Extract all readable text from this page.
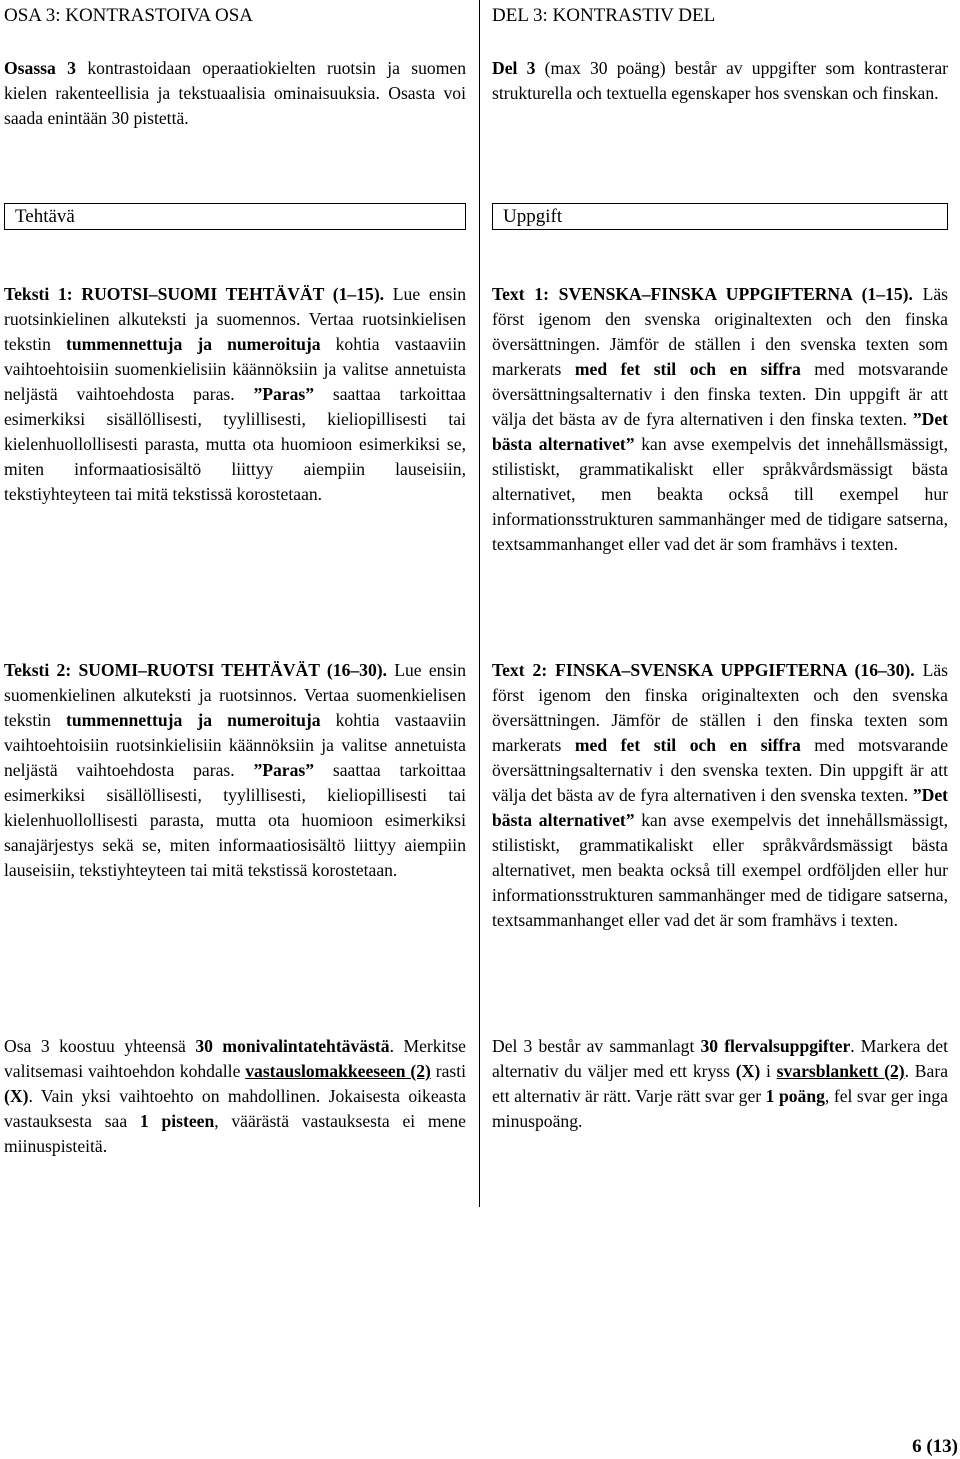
OSA 3: KONTRASTOIVA OSA

Osassa 3 kontrastoidaan operaatiokielten ruotsin ja suomen kielen rakenteellisia ja tekstuaalisia ominaisuuksia. Osasta voi saada enintään 30 pistettä.

Tehtävä

Teksti 1: RUOTSI–SUOMI TEHTÄVÄT (1–15). Lue ensin ruotsinkielinen alkuteksti ja suomennos. Vertaa ruotsinkielisen tekstin tummennettuja ja numeroituja kohtia vastaaviin vaihtoehtoisiin suomenkielisiin käännöksiin ja valitse annetuista neljästä vaihtoehdosta paras. ”Paras” saattaa tarkoittaa esimerkiksi sisällöllisesti, tyylillisesti, kieliopillisesti tai kielenhuollollisesti parasta, mutta ota huomioon esimerkiksi se, miten informaatiosisältö liittyy aiempiin lauseisiin, tekstiyhteyteen tai mitä tekstissä korostetaan.

Teksti 2: SUOMI–RUOTSI TEHTÄVÄT (16–30). Lue ensin suomenkielinen alkuteksti ja ruotsinnos. Vertaa suomenkielisen tekstin tummennettuja ja numeroituja kohtia vastaaviin vaihtoehtoisiin ruotsinkielisiin käännöksiin ja valitse annetuista neljästä vaihtoehdosta paras. ”Paras” saattaa tarkoittaa esimerkiksi sisällöllisesti, tyylillisesti, kieliopillisesti tai kielenhuollollisesti parasta, mutta ota huomioon esimerkiksi sanajärjestys sekä se, miten informaatiosisältö liittyy aiempiin lauseisiin, tekstiyhteyteen tai mitä tekstissä korostetaan.

Osa 3 koostuu yhteensä 30 monivalintatehtävästä. Merkitse valitsemasi vaihtoehdon kohdalle vastauslomakkeeseen (2) rasti (X). Vain yksi vaihtoehto on mahdollinen. Jokaisesta oikeasta vastauksesta saa 1 pisteen, väärästä vastauksesta ei mene miinuspisteitä.

DEL 3: KONTRASTIV DEL

Del 3 (max 30 poäng) består av uppgifter som kontrasterar strukturella och textuella egenskaper hos svenskan och finskan.

Uppgift

Text 1: SVENSKA–FINSKA UPPGIFTERNA (1–15). Läs först igenom den svenska originaltexten och den finska översättningen. Jämför de ställen i den svenska texten som markerats med fet stil och en siffra med motsvarande översättningsalternativ i den finska texten. Din uppgift är att välja det bästa av de fyra alternativen i den finska texten. ”Det bästa alternativet” kan avse exempelvis det innehållsmässigt, stilistiskt, grammatikaliskt eller språkvårdsmässigt bästa alternativet, men beakta också till exempel hur informationsstrukturen sammanhänger med de tidigare satserna, textsammanhanget eller vad det är som framhävs i texten.

Text 2: FINSKA–SVENSKA UPPGIFTERNA (16–30). Läs först igenom den finska originaltexten och den svenska översättningen. Jämför de ställen i den finska texten som markerats med fet stil och en siffra med motsvarande översättningsalternativ i den svenska texten. Din uppgift är att välja det bästa av de fyra alternativen i den svenska texten. ”Det bästa alternativet” kan avse exempelvis det innehållsmässigt, stilistiskt, grammatikaliskt eller språkvårdsmässigt bästa alternativet, men beakta också till exempel ordföljden eller hur informationsstrukturen sammanhänger med de tidigare satserna, textsammanhanget eller vad det är som framhävs i texten.

Del 3 består av sammanlagt 30 flervalsuppgifter. Markera det alternativ du väljer med ett kryss (X) i svarsblankett (2). Bara ett alternativ är rätt. Varje rätt svar ger 1 poäng, fel svar ger inga minuspoäng.

6 (13)
